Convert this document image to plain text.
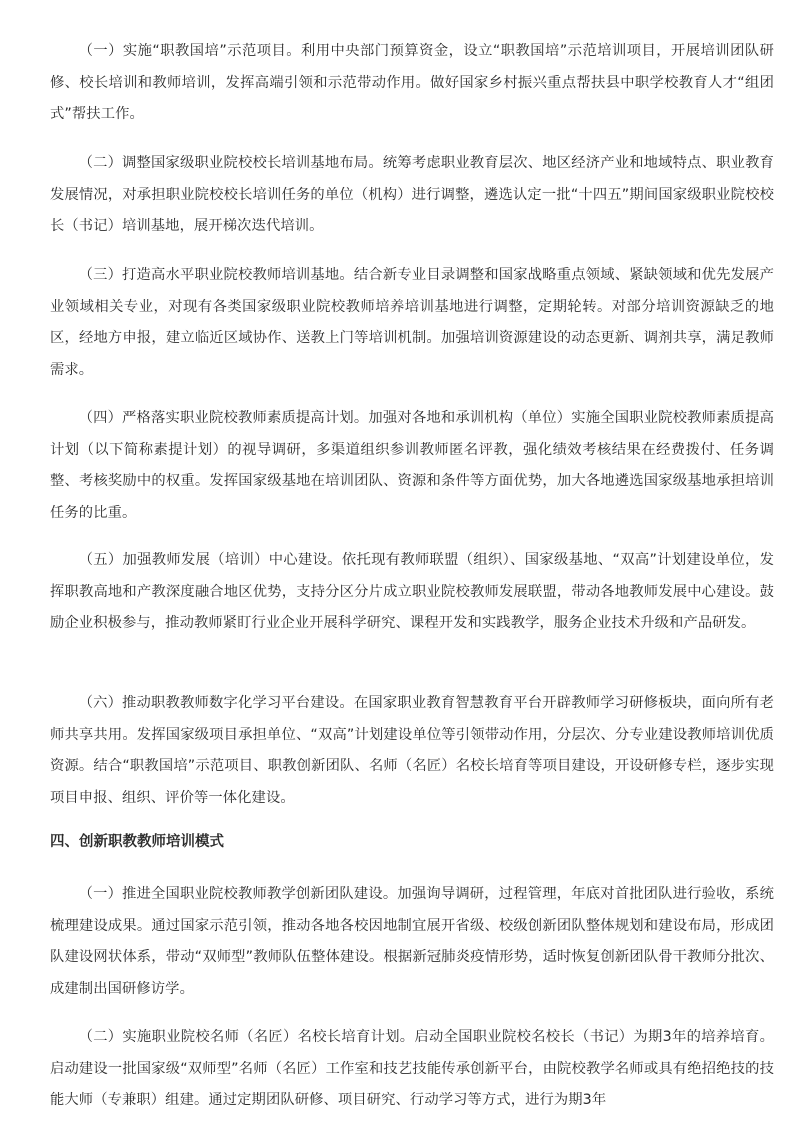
（一）实施“职教国培”示范项目。利用中央部门预算资金，设立“职教国培”示范培训项目，开展培训团队研修、校长培训和教师培训，发挥高端引领和示范带动作用。做好国家乡村振兴重点帮扶县中职学校教育人才“组团式”帮扶工作。

（二）调整国家级职业院校校长培训基地布局。统筹考虑职业教育层次、地区经济产业和地域特点、职业教育发展情况，对承担职业院校校长培训任务的单位（机构）进行调整，遴选认定一批“十四五”期间国家级职业院校校长（书记）培训基地，展开梯次迭代培训。

（三）打造高水平职业院校教师培训基地。结合新专业目录调整和国家战略重点领域、紧缺领域和优先发展产业领域相关专业，对现有各类国家级职业院校教师培养培训基地进行调整，定期轮转。对部分培训资源缺乏的地区，经地方申报，建立临近区域协作、送教上门等培训机制。加强培训资源建设的动态更新、调剂共享，满足教师需求。

（四）严格落实职业院校教师素质提高计划。加强对各地和承训机构（单位）实施全国职业院校教师素质提高计划（以下简称素提计划）的视导调研，多渠道组织参训教师匿名评教，强化绩效考核结果在经费拨付、任务调整、考核奖励中的权重。发挥国家级基地在培训团队、资源和条件等方面优势，加大各地遴选国家级基地承担培训任务的比重。

（五）加强教师发展（培训）中心建设。依托现有教师联盟（组织）、国家级基地、“双高”计划建设单位，发挥职教高地和产教深度融合地区优势，支持分区分片成立职业院校教师发展联盟，带动各地教师发展中心建设。鼓励企业积极参与，推动教师紧盯行业企业开展科学研究、课程开发和实践教学，服务企业技术升级和产品研发。

（六）推动职教教师数字化学习平台建设。在国家职业教育智慧教育平台开辟教师学习研修板块，面向所有老师共享共用。发挥国家级项目承担单位、“双高”计划建设单位等引领带动作用，分层次、分专业建设教师培训优质资源。结合“职教国培”示范项目、职教创新团队、名师（名匠）名校长培育等项目建设，开设研修专栏，逐步实现项目申报、组织、评价等一体化建设。

四、创新职教教师培训模式

（一）推进全国职业院校教师教学创新团队建设。加强询导调研，过程管理，年底对首批团队进行验收，系统梳理建设成果。通过国家示范引领，推动各地各校因地制宜展开省级、校级创新团队整体规划和建设布局，形成团队建设网状体系，带动“双师型”教师队伍整体建设。根据新冠肺炎疫情形势，适时恢复创新团队骨干教师分批次、成建制出国研修访学。

（二）实施职业院校名师（名匠）名校长培育计划。启动全国职业院校名校长（书记）为期3年的培养培育。启动建设一批国家级“双师型”名师（名匠）工作室和技艺技能传承创新平台，由院校教学名师或具有绝招绝技的技能大师（专兼职）组建。通过定期团队研修、项目研究、行动学习等方式，进行为期3年
